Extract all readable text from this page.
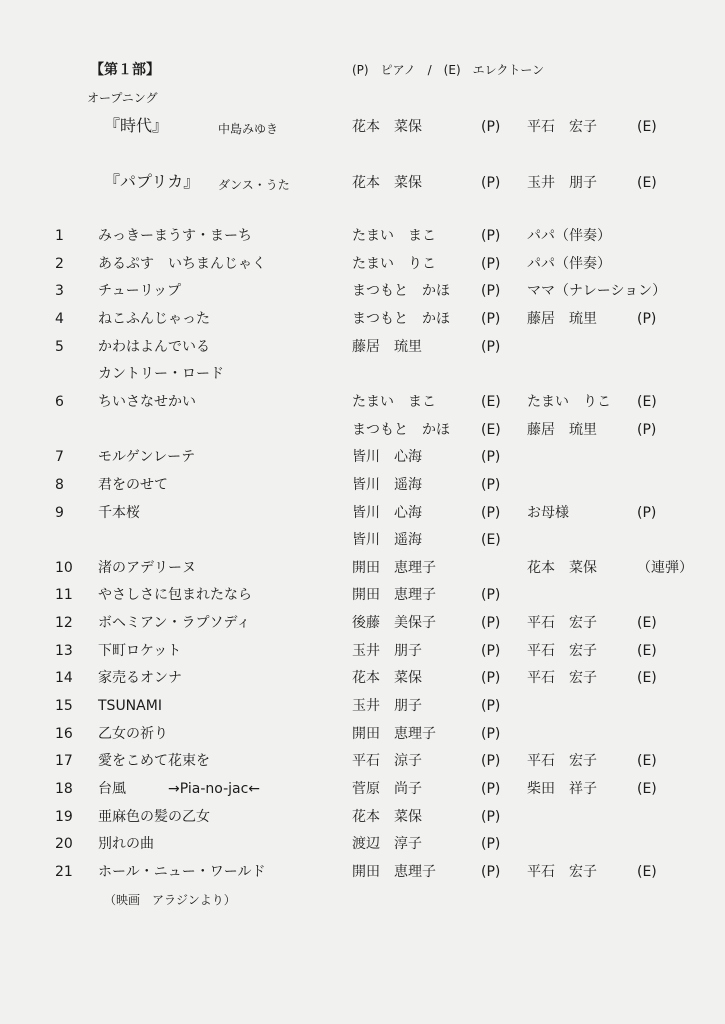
【第１部】	(P)　ピアノ　/　(E)　エレクトーン
オープニング
『時代』	中島みゆき	花本　菜保	(P) 平石　宏子	(E)
『パプリカ』 ダンス・うた	花本　菜保	(P) 玉井　朋子	(E)
1 みっきーまうす・まーち	たまい　まこ	(P) パパ（伴奏）
2 あるぷす　いちまんじゃく	たまい　りこ	(P) パパ（伴奏）
3 チューリップ	まつもと　かほ (P) ママ（ナレーション）
4 ねこふんじゃった	まつもと　かほ (P) 藤居　琉里	(P)
5 かわはよんでいる	藤居　琉里	(P)
カントリー・ロード
6 ちいさなせかい	たまい　まこ	(E) たまい　りこ (E)
まつもと　かほ (E) 藤居　琉里	(P)
7 モルゲンレーテ	皆川　心海	(P)
8 君をのせて	皆川　遥海	(P)
9 千本桜	皆川　心海	(P) お母様	(P)
皆川　遥海	(E)
10 渚のアデリーヌ	開田　恵理子	花本　菜保	（連弾）
11 やさしさに包まれたなら	開田　恵理子	(P)
12 ボヘミアン・ラプソディ	後藤　美保子	(P) 平石　宏子	(E)
13 下町ロケット	玉井　朋子	(P) 平石　宏子	(E)
14 家売るオンナ	花本　菜保	(P) 平石　宏子	(E)
15 TSUNAMI	玉井　朋子	(P)
16 乙女の祈り	開田　恵理子	(P)
17 愛をこめて花束を	平石　涼子	(P) 平石　宏子	(E)
18 台風　　　→Pia-no-jac←	菅原　尚子	(P) 柴田　祥子	(E)
19 亜麻色の髪の乙女	花本　菜保	(P)
20 別れの曲	渡辺　淳子	(P)
21 ホール・ニュー・ワールド	開田　恵理子	(P) 平石　宏子	(E)
（映画　アラジンより）
